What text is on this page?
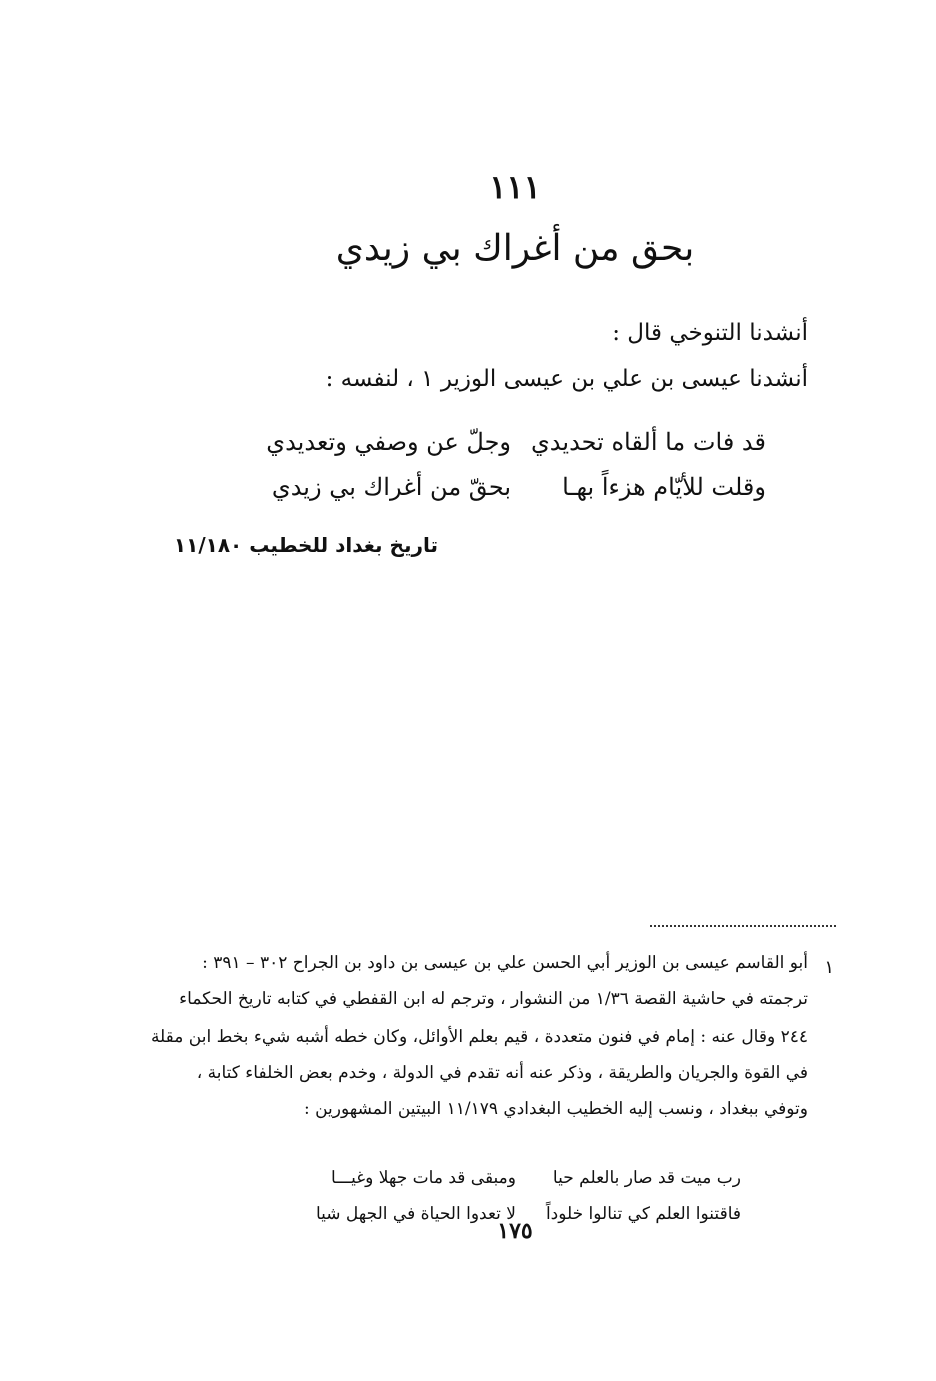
١١١
بحق من أغراك بي زيدي
أنشدنا التنوخي قال :
أنشدنا عيسى بن علي بن عيسى الوزير ١ ، لنفسه :
قد فات ما ألقاه تحديدي
وجلّ عن وصفي وتعديدي
وقلت للأيّام هزءاً بهـا
بحقّ من أغراك بي زيدي
تاريخ بغداد للخطيب ١١/١٨٠
١
أبو القاسم عيسى بن الوزير أبي الحسن علي بن عيسى بن داود بن الجراح ٣٠٢ – ٣٩١ :
ترجمته في حاشية القصة ١/٣٦ من النشوار ، وترجم له ابن القفطي في كتابه تاريخ الحكماء
٢٤٤ وقال عنه : إمام في فنون متعددة ، قيم بعلم الأوائل، وكان خطه أشبه شيء بخط ابن مقلة
في القوة والجريان والطريقة ، وذكر عنه أنه تقدم في الدولة ، وخدم بعض الخلفاء كتابة ،
وتوفي ببغداد ، ونسب إليه الخطيب البغدادي ١١/١٧٩ البيتين المشهورين :
رب ميت قد صار بالعلم حيا
ومبقى قد مات جهلا وغيـــا
فاقتنوا العلم كي تنالوا خلوداً
لا تعدوا الحياة في الجهل شيا
١٧٥
